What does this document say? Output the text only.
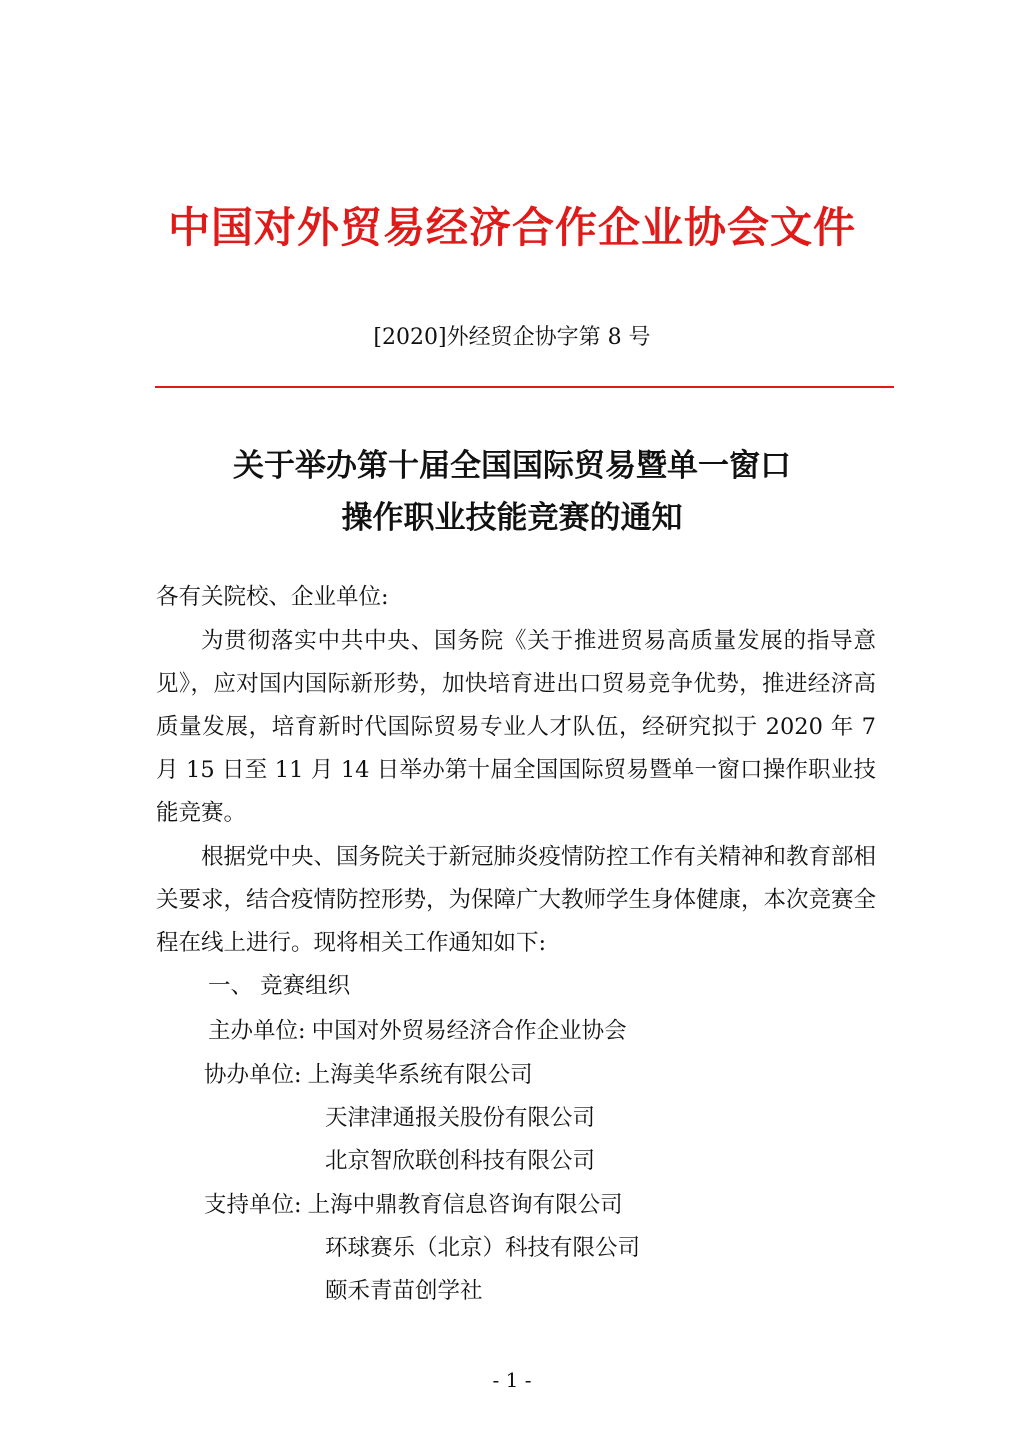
中国对外贸易经济合作企业协会文件
[2020]外经贸企协字第 8 号
关于举办第十届全国国际贸易暨单一窗口
操作职业技能竞赛的通知
各有关院校、企业单位:
为贯彻落实中共中央、国务院《关于推进贸易高质量发展的指导意见》，应对国内国际新形势，加快培育进出口贸易竞争优势，推进经济高质量发展，培育新时代国际贸易专业人才队伍，经研究拟于 2020 年 7 月 15 日至 11 月 14 日举办第十届全国国际贸易暨单一窗口操作职业技能竞赛。
根据党中央、国务院关于新冠肺炎疫情防控工作有关精神和教育部相关要求，结合疫情防控形势，为保障广大教师学生身体健康，本次竞赛全程在线上进行。现将相关工作通知如下:
一、 竞赛组织
主办单位: 中国对外贸易经济合作企业协会
协办单位: 上海美华系统有限公司
天津津通报关股份有限公司
北京智欣联创科技有限公司
支持单位: 上海中鼎教育信息咨询有限公司
环球赛乐（北京）科技有限公司
颐禾青苗创学社
- 1 -
